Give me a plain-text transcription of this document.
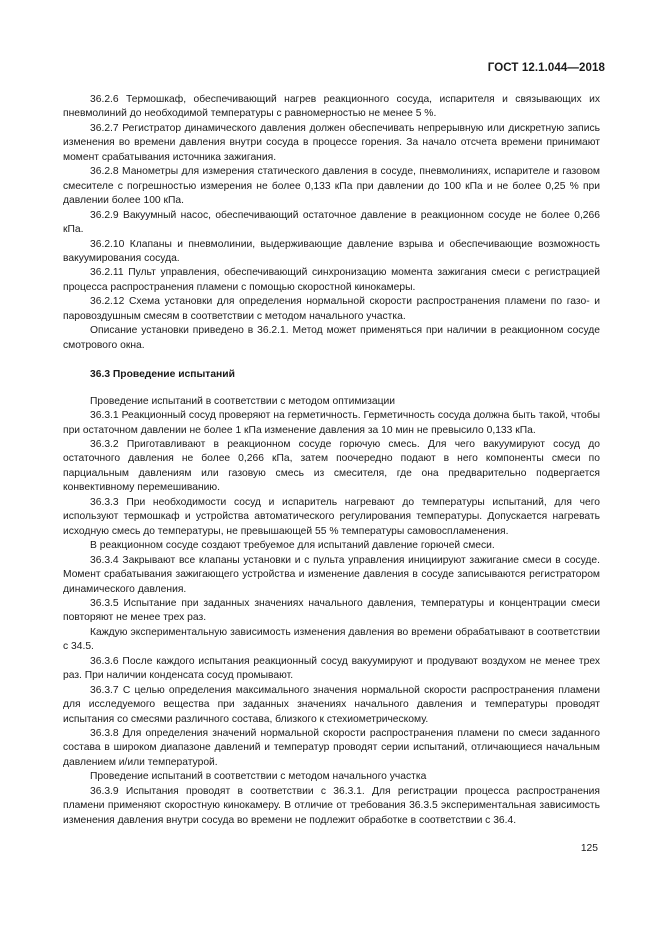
ГОСТ 12.1.044—2018

36.2.6 Термошкаф, обеспечивающий нагрев реакционного сосуда, испарителя и связывающих их пневмолиний до необходимой температуры с равномерностью не менее 5 %.

36.2.7 Регистратор динамического давления должен обеспечивать непрерывную или дискретную запись изменения во времени давления внутри сосуда в процессе горения. За начало отсчета времени принимают момент срабатывания источника зажигания.

36.2.8 Манометры для измерения статического давления в сосуде, пневмолиниях, испарителе и газовом смесителе с погрешностью измерения не более 0,133 кПа при давлении до 100 кПа и не более 0,25 % при давлении более 100 кПа.

36.2.9 Вакуумный насос, обеспечивающий остаточное давление в реакционном сосуде не более 0,266 кПа.

36.2.10 Клапаны и пневмолинии, выдерживающие давление взрыва и обеспечивающие возможность вакуумирования сосуда.

36.2.11 Пульт управления, обеспечивающий синхронизацию момента зажигания смеси с регистрацией процесса распространения пламени с помощью скоростной кинокамеры.

36.2.12 Схема установки для определения нормальной скорости распространения пламени по газо- и паровоздушным смесям в соответствии с методом начального участка.

Описание установки приведено в 36.2.1. Метод может применяться при наличии в реакционном сосуде смотрового окна.

36.3 Проведение испытаний

Проведение испытаний в соответствии с методом оптимизации

36.3.1 Реакционный сосуд проверяют на герметичность. Герметичность сосуда должна быть такой, чтобы при остаточном давлении не более 1 кПа изменение давления за 10 мин не превысило 0,133 кПа.

36.3.2 Приготавливают в реакционном сосуде горючую смесь. Для чего вакуумируют сосуд до остаточного давления не более 0,266 кПа, затем поочередно подают в него компоненты смеси по парциальным давлениям или газовую смесь из смесителя, где она предварительно подвергается конвективному перемешиванию.

36.3.3 При необходимости сосуд и испаритель нагревают до температуры испытаний, для чего используют термошкаф и устройства автоматического регулирования температуры. Допускается нагревать исходную смесь до температуры, не превышающей 55 % температуры самовоспламенения.

В реакционном сосуде создают требуемое для испытаний давление горючей смеси.

36.3.4 Закрывают все клапаны установки и с пульта управления инициируют зажигание смеси в сосуде. Момент срабатывания зажигающего устройства и изменение давления в сосуде записываются регистратором динамического давления.

36.3.5 Испытание при заданных значениях начального давления, температуры и концентрации смеси повторяют не менее трех раз.

Каждую экспериментальную зависимость изменения давления во времени обрабатывают в соответствии с 34.5.

36.3.6 После каждого испытания реакционный сосуд вакуумируют и продувают воздухом не менее трех раз. При наличии конденсата сосуд промывают.

36.3.7 С целью определения максимального значения нормальной скорости распространения пламени для исследуемого вещества при заданных значениях начального давления и температуры проводят испытания со смесями различного состава, близкого к стехиометрическому.

36.3.8 Для определения значений нормальной скорости распространения пламени по смеси заданного состава в широком диапазоне давлений и температур проводят серии испытаний, отличающиеся начальным давлением и/или температурой.

Проведение испытаний в соответствии с методом начального участка

36.3.9 Испытания проводят в соответствии с 36.3.1. Для регистрации процесса распространения пламени применяют скоростную кинокамеру. В отличие от требования 36.3.5 экспериментальная зависимость изменения давления внутри сосуда во времени не подлежит обработке в соответствии с 36.4.

125
